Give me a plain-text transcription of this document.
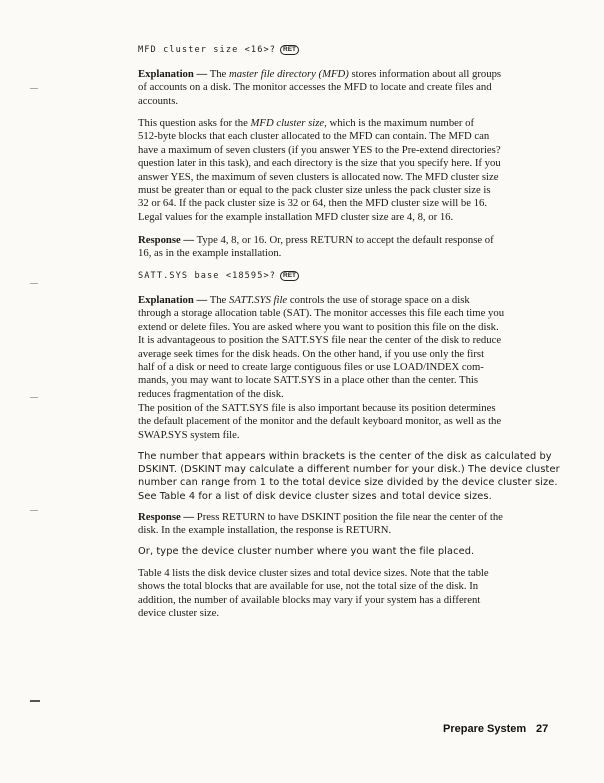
MFD cluster size <16>? RET

Explanation — The master file directory (MFD) stores information about all groups
of accounts on a disk. The monitor accesses the MFD to locate and create files and
accounts.

This question asks for the MFD cluster size, which is the maximum number of
512-byte blocks that each cluster allocated to the MFD can contain. The MFD can
have a maximum of seven clusters (if you answer YES to the Pre-extend directories?
question later in this task), and each directory is the size that you specify here. If you
answer YES, the maximum of seven clusters is allocated now. The MFD cluster size
must be greater than or equal to the pack cluster size unless the pack cluster size is
32 or 64. If the pack cluster size is 32 or 64, then the MFD cluster size will be 16.

Legal values for the example installation MFD cluster size are 4, 8, or 16.

Response — Type 4, 8, or 16. Or, press RETURN to accept the default response of
16, as in the example installation.

SATT.SYS base <18595>? RET

Explanation — The SATT.SYS file controls the use of storage space on a disk
through a storage allocation table (SAT). The monitor accesses this file each time you
extend or delete files. You are asked where you want to position this file on the disk.
It is advantageous to position the SATT.SYS file near the center of the disk to reduce
average seek times for the disk heads. On the other hand, if you use only the first
half of a disk or need to create large contiguous files or use LOAD/INDEX com-
mands, you may want to locate SATT.SYS in a place other than the center. This
reduces fragmentation of the disk.

The position of the SATT.SYS file is also important because its position determines
the default placement of the monitor and the default keyboard monitor, as well as the
SWAP.SYS system file.

The number that appears within brackets is the center of the disk as calculated by
DSKINT. (DSKINT may calculate a different number for your disk.) The device cluster
number can range from 1 to the total device size divided by the device cluster size.
See Table 4 for a list of disk device cluster sizes and total device sizes.

Response — Press RETURN to have DSKINT position the file near the center of the
disk. In the example installation, the response is RETURN.

Or, type the device cluster number where you want the file placed.

Table 4 lists the disk device cluster sizes and total device sizes. Note that the table
shows the total blocks that are available for use, not the total size of the disk. In
addition, the number of available blocks may vary if your system has a different
device cluster size.

Prepare System 27
